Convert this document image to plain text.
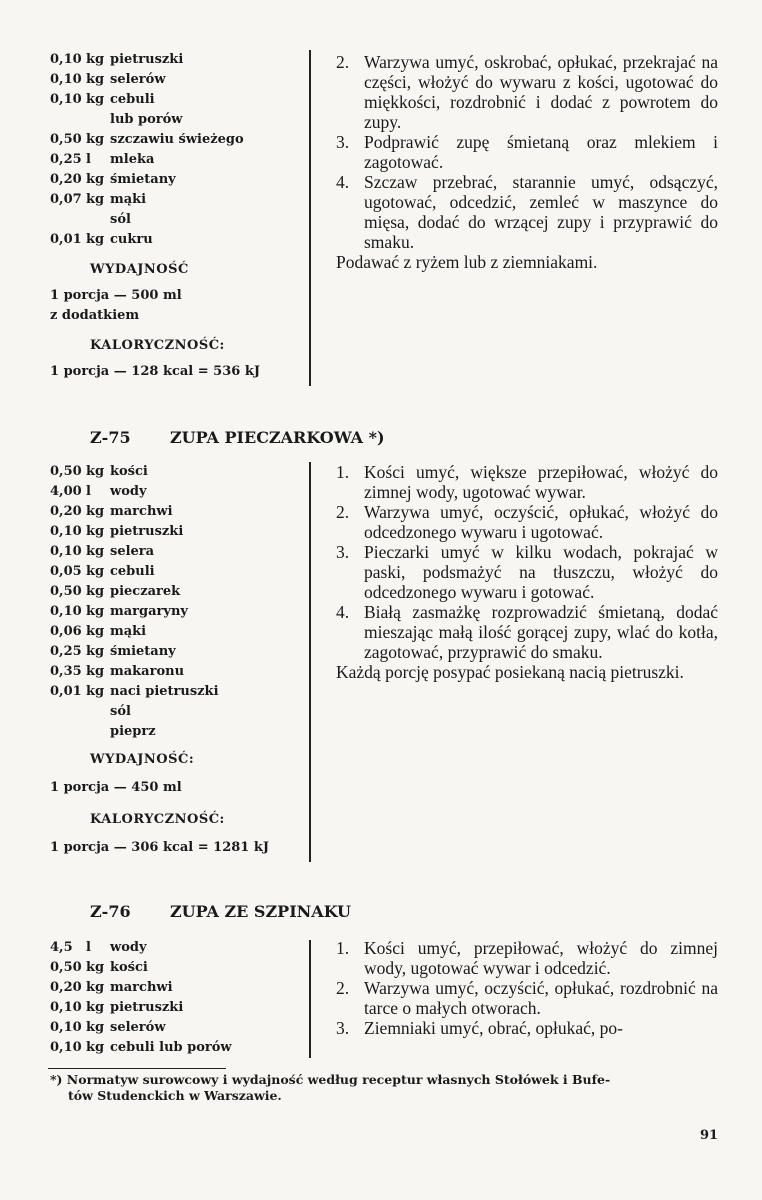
0,10 kg pietruszki
0,10 kg selerów
0,10 kg cebuli
lub porów
0,50 kg szczawiu świeżego
0,25 l mleka
0,20 kg śmietany
0,07 kg mąki
sól
0,01 kg cukru
WYDAJNOŚĆ
1 porcja — 500 ml
z dodatkiem
KALORYCZNOŚĆ:
1 porcja — 128 kcal = 536 kJ
2. Warzywa umyć, oskrobać, opłukać, przekrajać na części, włożyć do wywaru z kości, ugotować do miękkości, rozdrobnić i dodać z powrotem do zupy.
3. Podprawić zupę śmietaną oraz mlekiem i zagotować.
4. Szczaw przebrać, starannie umyć, odsączyć, ugotować, odcedzić, zemleć w maszynce do mięsa, dodać do wrzącej zupy i przyprawić do smaku.

Podawać z ryżem lub z ziemniakami.

Z-75 ZUPA PIECZARKOWA *)
0,50 kg kości
4,00 l wody
0,20 kg marchwi
0,10 kg pietruszki
0,10 kg selera
0,05 kg cebuli
0,50 kg pieczarek
0,10 kg margaryny
0,06 kg mąki
0,25 kg śmietany
0,35 kg makaronu
0,01 kg naci pietruszki
sól
pieprz
WYDAJNOŚĆ:
1 porcja — 450 ml
KALORYCZNOŚĆ:
1 porcja — 306 kcal = 1281 kJ
1. Kości umyć, większe przepiłować, włożyć do zimnej wody, ugotować wywar.
2. Warzywa umyć, oczyścić, opłukać, włożyć do odcedzonego wywaru i ugotować.
3. Pieczarki umyć w kilku wodach, pokrajać w paski, podsmażyć na tłuszczu, włożyć do odcedzonego wywaru i gotować.
4. Białą zasmażkę rozprowadzić śmietaną, dodać mieszając małą ilość gorącej zupy, wlać do kotła, zagotować, przyprawić do smaku.

Każdą porcję posypać posiekaną nacią pietruszki.

Z-76 ZUPA ZE SZPINAKU
4,5 l wody
0,50 kg kości
0,20 kg marchwi
0,10 kg pietruszki
0,10 kg selerów
0,10 kg cebuli lub porów
1. Kości umyć, przepiłować, włożyć do zimnej wody, ugotować wywar i odcedzić.
2. Warzywa umyć, oczyścić, opłukać, rozdrobnić na tarce o małych otworach.
3. Ziemniaki umyć, obrać, opłukać, po-
*) Normatyw surowcowy i wydajność według receptur własnych Stołówek i Bufe-
tów Studenckich w Warszawie.
91
